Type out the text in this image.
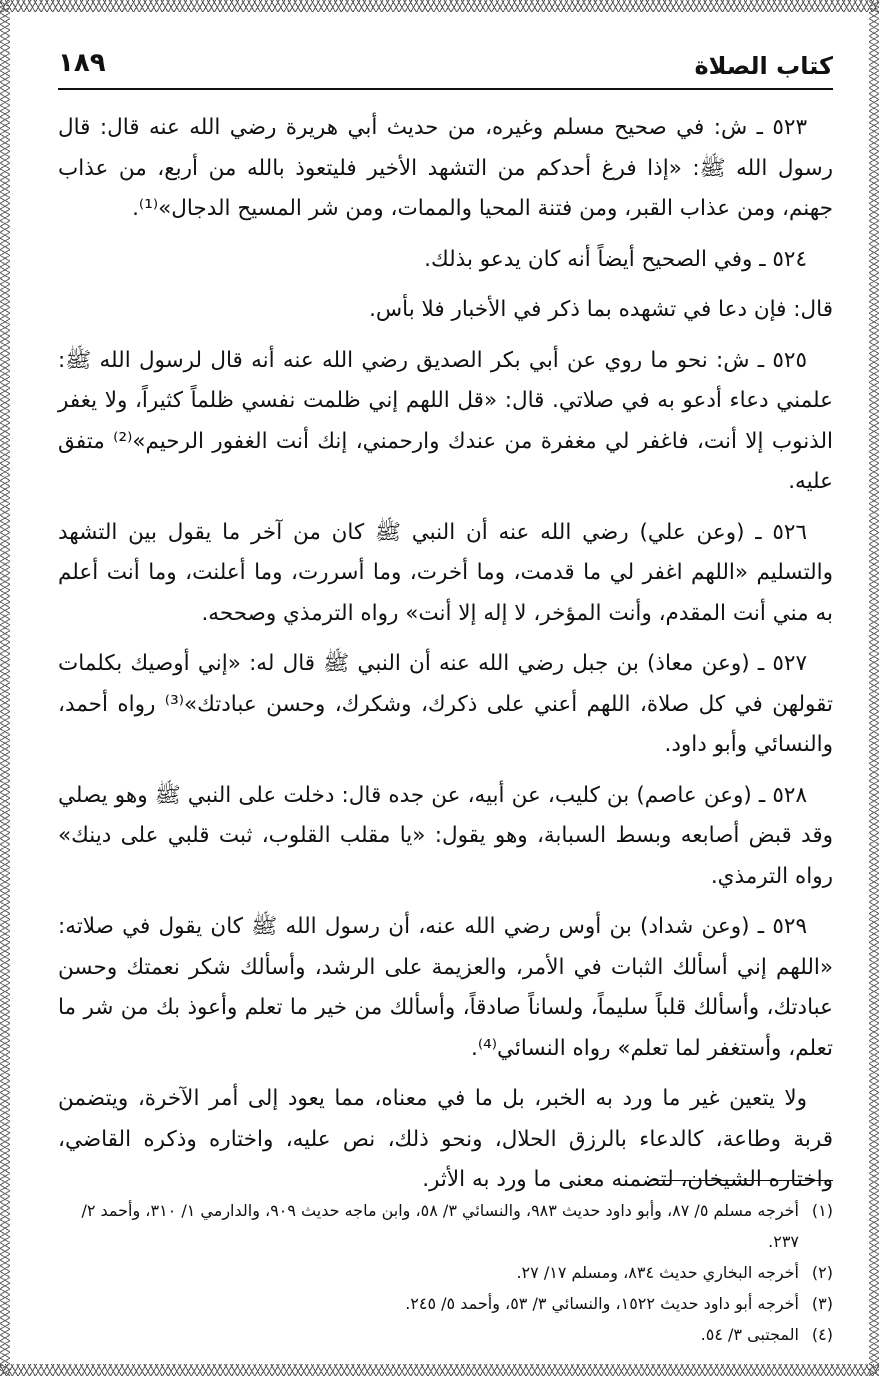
كتاب الصلاة
١٨٩

٥٢٣ ـ ش: في صحيح مسلم وغيره، من حديث أبي هريرة رضي الله عنه قال: قال رسول الله ﷺ: «إذا فرغ أحدكم من التشهد الأخير فليتعوذ بالله من أربع، من عذاب جهنم، ومن عذاب القبر، ومن فتنة المحيا والممات، ومن شر المسيح الدجال»⁽¹⁾.

٥٢٤ ـ وفي الصحيح أيضاً أنه كان يدعو بذلك.

قال: فإن دعا في تشهده بما ذكر في الأخبار فلا بأس.

٥٢٥ ـ ش: نحو ما روي عن أبي بكر الصديق رضي الله عنه أنه قال لرسول الله ﷺ: علمني دعاء أدعو به في صلاتي. قال: «قل اللهم إني ظلمت نفسي ظلماً كثيراً، ولا يغفر الذنوب إلا أنت، فاغفر لي مغفرة من عندك وارحمني، إنك أنت الغفور الرحيم»⁽²⁾ متفق عليه.

٥٢٦ ـ (وعن علي) رضي الله عنه أن النبي ﷺ كان من آخر ما يقول بين التشهد والتسليم «اللهم اغفر لي ما قدمت، وما أخرت، وما أسررت، وما أعلنت، وما أنت أعلم به مني أنت المقدم، وأنت المؤخر، لا إله إلا أنت» رواه الترمذي وصححه.

٥٢٧ ـ (وعن معاذ) بن جبل رضي الله عنه أن النبي ﷺ قال له: «إني أوصيك بكلمات تقولهن في كل صلاة، اللهم أعني على ذكرك، وشكرك، وحسن عبادتك»⁽³⁾ رواه أحمد، والنسائي وأبو داود.

٥٢٨ ـ (وعن عاصم) بن كليب، عن أبيه، عن جده قال: دخلت على النبي ﷺ وهو يصلي وقد قبض أصابعه وبسط السبابة، وهو يقول: «يا مقلب القلوب، ثبت قلبي على دينك» رواه الترمذي.

٥٢٩ ـ (وعن شداد) بن أوس رضي الله عنه، أن رسول الله ﷺ كان يقول في صلاته: «اللهم إني أسألك الثبات في الأمر، والعزيمة على الرشد، وأسألك شكر نعمتك وحسن عبادتك، وأسألك قلباً سليماً، ولساناً صادقاً، وأسألك من خير ما تعلم وأعوذ بك من شر ما تعلم، وأستغفر لما تعلم» رواه النسائي⁽⁴⁾.

ولا يتعين غير ما ورد به الخبر، بل ما في معناه، مما يعود إلى أمر الآخرة، ويتضمن قربة وطاعة، كالدعاء بالرزق الحلال، ونحو ذلك، نص عليه، واختاره وذكره القاضي، واختاره الشيخان، لتضمنه معنى ما ورد به الأثر.

(١)
أخرجه مسلم ٥/ ٨٧، وأبو داود حديث ٩٨٣، والنسائي ٣/ ٥٨، وابن ماجه حديث ٩٠٩، والدارمي ١/ ٣١٠، وأحمد ٢/ ٢٣٧.
(٢)
أخرجه البخاري حديث ٨٣٤، ومسلم ١٧/ ٢٧.
(٣)
أخرجه أبو داود حديث ١٥٢٢، والنسائي ٣/ ٥٣، وأحمد ٥/ ٢٤٥.
(٤)
المجتبى ٣/ ٥٤.
